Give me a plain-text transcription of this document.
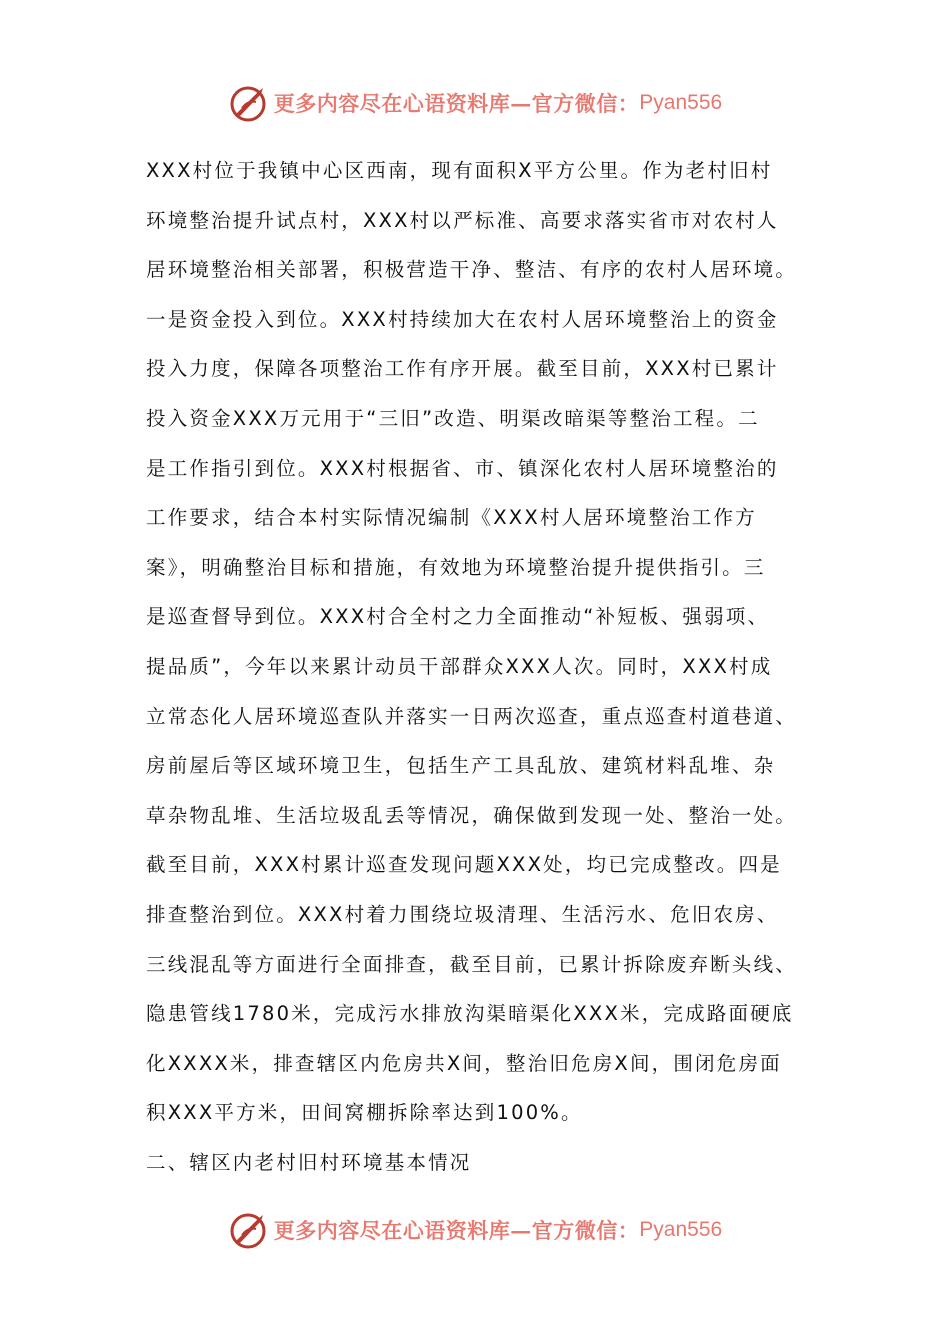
更多内容尽在心语资料库—官方微信： Pyan556
XXX村位于我镇中心区西南，现有面积X平方公里。作为老村旧村
环境整治提升试点村，XXX村以严标准、高要求落实省市对农村人
居环境整治相关部署，积极营造干净、整洁、有序的农村人居环境。
一是资金投入到位。XXX村持续加大在农村人居环境整治上的资金
投入力度，保障各项整治工作有序开展。截至目前，XXX村已累计
投入资金XXX万元用于“三旧”改造、明渠改暗渠等整治工程。二
是工作指引到位。XXX村根据省、市、镇深化农村人居环境整治的
工作要求，结合本村实际情况编制《XXX村人居环境整治工作方
案》，明确整治目标和措施，有效地为环境整治提升提供指引。三
是巡查督导到位。XXX村合全村之力全面推动“补短板、强弱项、
提品质”，今年以来累计动员干部群众XXX人次。同时，XXX村成
立常态化人居环境巡查队并落实一日两次巡查，重点巡查村道巷道、
房前屋后等区域环境卫生，包括生产工具乱放、建筑材料乱堆、杂
草杂物乱堆、生活垃圾乱丢等情况，确保做到发现一处、整治一处。
截至目前，XXX村累计巡查发现问题XXX处，均已完成整改。四是
排查整治到位。XXX村着力围绕垃圾清理、生活污水、危旧农房、
三线混乱等方面进行全面排查，截至目前，已累计拆除废弃断头线、
隐患管线1780米，完成污水排放沟渠暗渠化XXX米，完成路面硬底
化XXXX米，排查辖区内危房共X间，整治旧危房X间，围闭危房面
积XXX平方米，田间窝棚拆除率达到100%。
二、辖区内老村旧村环境基本情况
更多内容尽在心语资料库—官方微信： Pyan556
